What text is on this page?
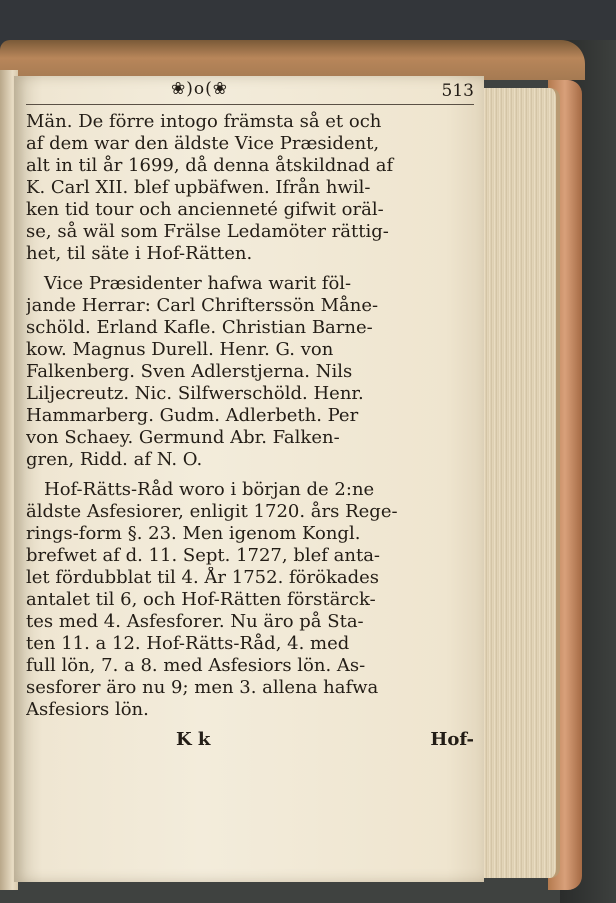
❀)o(❀	513

Män. De förre intogo främsta så et och
af dem war den äldste Vice Præsident,
alt in til år 1699, då denna åtskildnad af
K. Carl XII. blef upbäfwen. Ifrån hwil-
ken tid tour och ancienneté gifwit oräl-
se, så wäl som Frälse Ledamöter rättig-
het, til säte i Hof-Rätten.

Vice Præsidenter hafwa warit föl-
jande Herrar: Carl Chrifterssön Måne-
schöld. Erland Kafle. Christian Barne-
kow. Magnus Durell. Henr. G. von
Falkenberg. Sven Adlerstjerna. Nils
Liljecreutz. Nic. Silfwerschöld. Henr.
Hammarberg. Gudm. Adlerbeth. Per
von Schaey. Germund Abr. Falken-
gren, Ridd. af N. O.

Hof-Rätts-Råd woro i början de 2:ne
äldste Asfesiorer, enligit 1720. års Rege-
rings-form §. 23. Men igenom Kongl.
brefwet af d. 11. Sept. 1727, blef anta-
let fördubblat til 4. År 1752. förökades
antalet til 6, och Hof-Rätten förstärck-
tes med 4. Asfesforer. Nu äro på Sta-
ten 11. a 12. Hof-Rätts-Råd, 4. med
full lön, 7. a 8. med Asfesiors lön. As-
sesforer äro nu 9; men 3. allena hafwa
Asfesiors lön.

K k	Hof-
